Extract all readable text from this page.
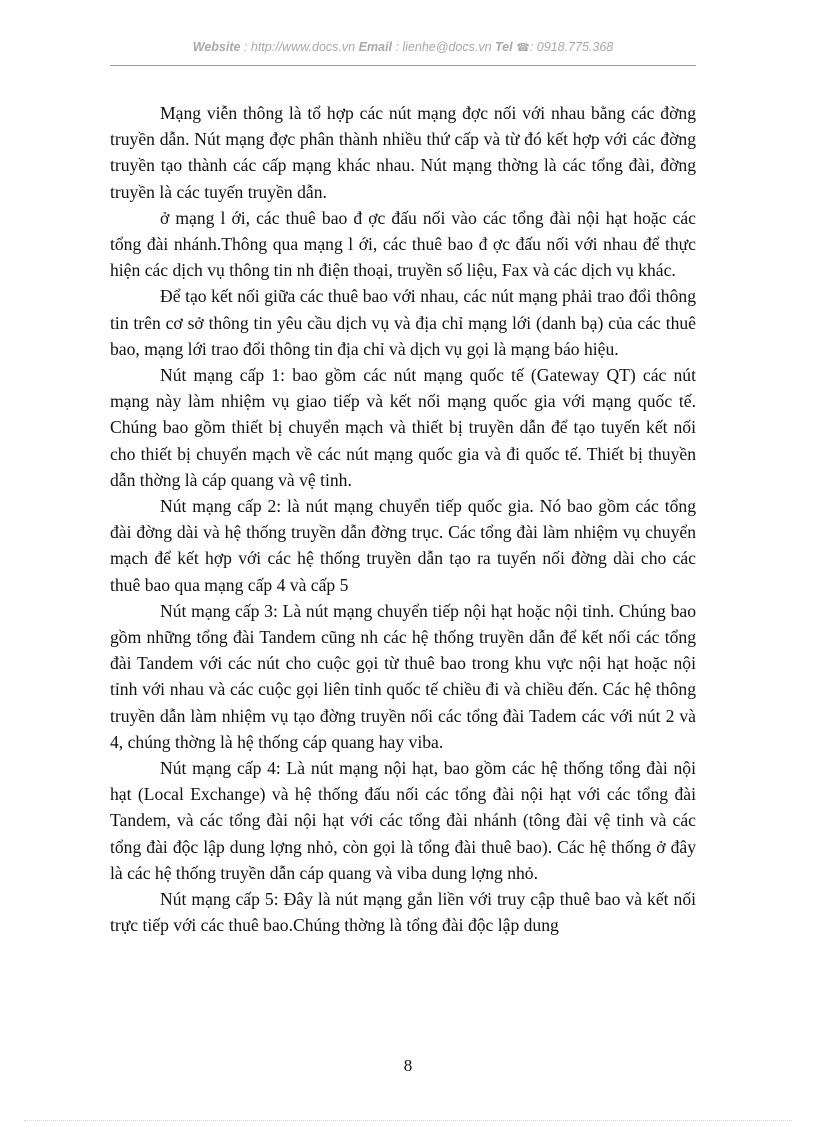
Website : http://www.docs.vn Email : lienhe@docs.vn Tel ☎: 0918.775.368

Mạng viễn thông là tổ hợp các nút mạng đợc nối với nhau bằng các đờng truyền dẫn. Nút mạng đợc phân thành nhiều thứ cấp và từ đó kết hợp với các đờng truyền tạo thành các cấp mạng khác nhau. Nút mạng thờng là các tổng đài, đờng truyền là các tuyến truyền dẫn.

ở mạng l ới, các thuê bao đ ợc đấu nối vào các tổng đài nội hạt hoặc các tổng đài nhánh.Thông qua mạng l ới, các thuê bao đ ợc đấu nối với nhau để thực hiện các dịch vụ thông tin nh điện thoại, truyền số liệu, Fax và các dịch vụ khác.

Để tạo kết nối giữa các thuê bao với nhau, các nút mạng phải trao đổi thông tin trên cơ sở thông tin yêu cầu dịch vụ và địa chỉ mạng lới (danh bạ) của các thuê bao, mạng lới trao đổi thông tin địa chỉ và dịch vụ gọi là mạng báo hiệu.

Nút mạng cấp 1: bao gồm các nút mạng quốc tế (Gateway QT) các nút mạng này làm nhiệm vụ giao tiếp và kết nối mạng quốc gia với mạng quốc tế. Chúng bao gồm thiết bị chuyển mạch và thiết bị truyền dẫn để tạo tuyến kết nối cho thiết bị chuyển mạch về các nút mạng quốc gia và đi quốc tế. Thiết bị thuyền dẫn thờng là cáp quang và vệ tinh.

Nút mạng cấp 2: là nút mạng chuyển tiếp quốc gia. Nó bao gồm các tổng đài đờng dài và hệ thống truyền dẫn đờng trục. Các tổng đài làm nhiệm vụ chuyển mạch để kết hợp với các hệ thống truyền dẫn tạo ra tuyến nối đờng dài cho các thuê bao qua mạng cấp 4 và cấp 5

Nút mạng cấp 3: Là nút mạng chuyển tiếp nội hạt hoặc nội tỉnh. Chúng bao gồm những tổng đài Tandem cũng nh các hệ thống truyền dẫn để kết nối các tổng đài Tandem với các nút cho cuộc gọi từ thuê bao trong khu vực nội hạt hoặc nội tỉnh với nhau và các cuộc gọi liên tỉnh quốc tế chiều đi và chiều đến. Các hệ thông truyền dẫn làm nhiệm vụ tạo đờng truyền nối các tổng đài Tadem các với nút 2 và 4, chúng thờng là hệ thống cáp quang hay viba.

Nút mạng cấp 4: Là nút mạng nội hạt, bao gồm các hệ thống tổng đài nội hạt (Local Exchange) và hệ thống đấu nối các tổng đài nội hạt với các tổng đài Tandem, và các tổng đài nội hạt với các tổng đài nhánh (tông đài vệ tinh và các tổng đài độc lập dung lợng nhỏ, còn gọi là tổng đài thuê bao). Các hệ thống ở đây là các hệ thống truyền dẫn cáp quang và viba dung lợng nhỏ.

Nút mạng cấp 5: Đây là nút mạng gắn liền với truy cập thuê bao và kết nối trực tiếp với các thuê bao.Chúng thờng là tổng đài độc lập dung

8
